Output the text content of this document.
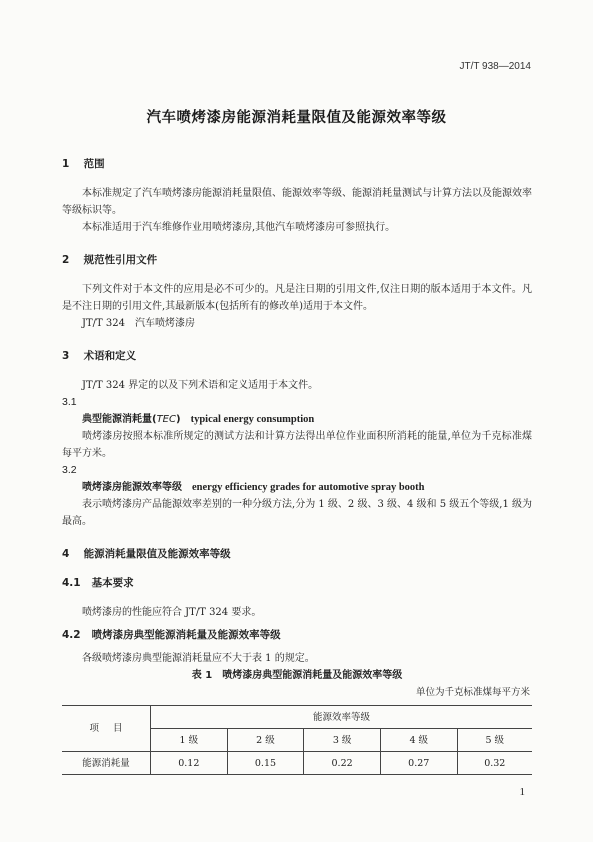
JT/T 938—2014
汽车喷烤漆房能源消耗量限值及能源效率等级
1 范围

本标准规定了汽车喷烤漆房能源消耗量限值、能源效率等级、能源消耗量测试与计算方法以及能源效率等级标识等。

本标准适用于汽车维修作业用喷烤漆房,其他汽车喷烤漆房可参照执行。

2 规范性引用文件

下列文件对于本文件的应用是必不可少的。凡是注日期的引用文件,仅注日期的版本适用于本文件。凡是不注日期的引用文件,其最新版本(包括所有的修改单)适用于本文件。

JT/T 324　 汽车喷烤漆房

3 术语和定义

JT/T 324 界定的以及下列术语和定义适用于本文件。

3.1
典型能源消耗量(TEC) typical energy consumption

喷烤漆房按照本标准所规定的测试方法和计算方法得出单位作业面积所消耗的能量,单位为千克标准煤每平方米。

3.2
喷烤漆房能源效率等级 energy efficiency grades for automotive spray booth

表示喷烤漆房产品能源效率差别的一种分级方法,分为 1 级、2 级、3 级、4 级和 5 级五个等级,1 级为最高。

4 能源消耗量限值及能源效率等级
4.1 基本要求

喷烤漆房的性能应符合 JT/T 324 要求。

4.2 喷烤漆房典型能源消耗量及能源效率等级

各级喷烤漆房典型能源消耗量应不大于表 1 的规定。

表 1　喷烤漆房典型能源消耗量及能源效率等级
单位为千克标准煤每平方米
项目	能源效率等级				
	1 级	2 级	3 级	4 级	5 级
能源消耗量	0.12	0.15	0.22	0.27	0.32
1
